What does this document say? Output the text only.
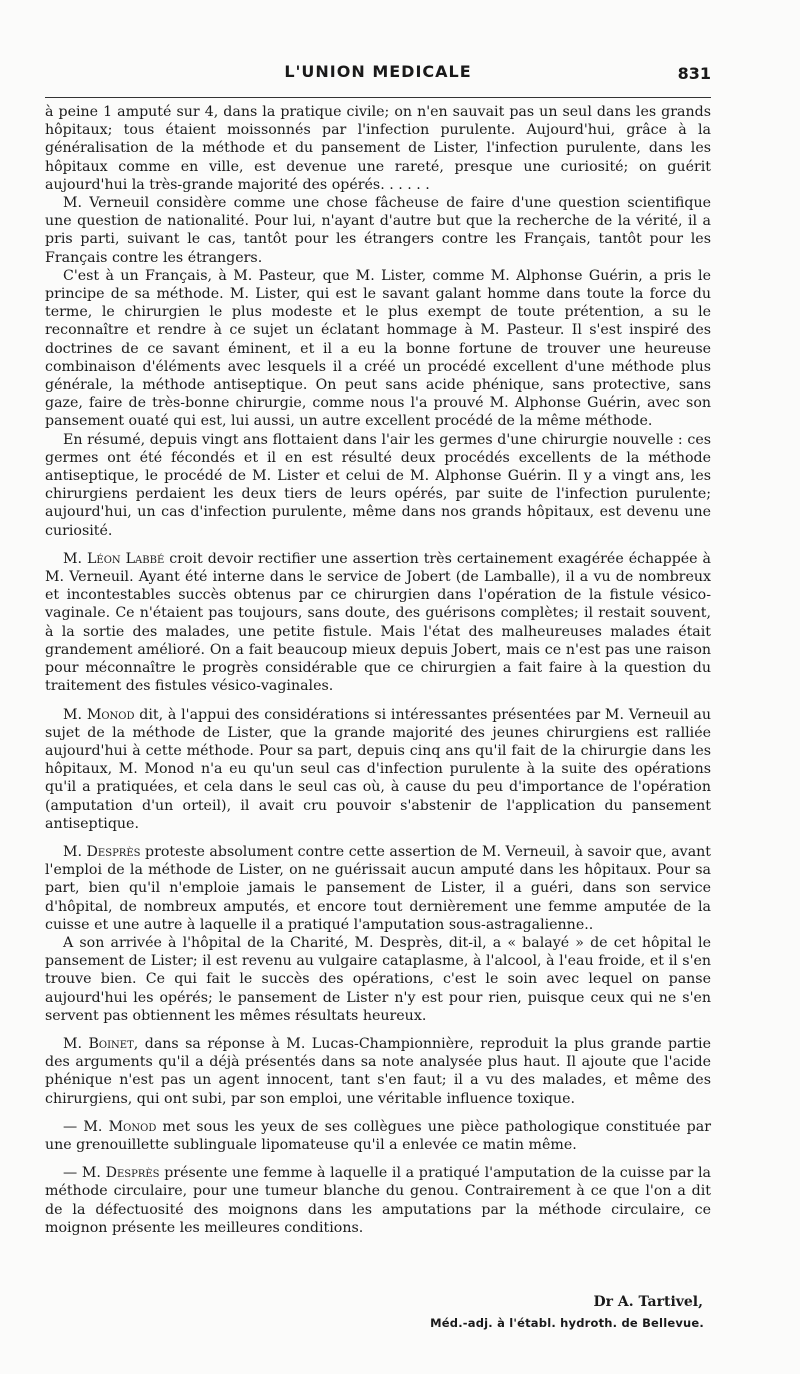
L'UNION MEDICALE	831

à peine 1 amputé sur 4, dans la pratique civile; on n'en sauvait pas un seul dans les grands hôpitaux; tous étaient moissonnés par l'infection purulente. Aujourd'hui, grâce à la généralisation de la méthode et du pansement de Lister, l'infection purulente, dans les hôpitaux comme en ville, est devenue une rareté, presque une curiosité; on guérit aujourd'hui la très-grande majorité des opérés. . . . . .

M. Verneuil considère comme une chose fâcheuse de faire d'une question scientifique une question de nationalité. Pour lui, n'ayant d'autre but que la recherche de la vérité, il a pris parti, suivant le cas, tantôt pour les étrangers contre les Français, tantôt pour les Français contre les étrangers.

C'est à un Français, à M. Pasteur, que M. Lister, comme M. Alphonse Guérin, a pris le principe de sa méthode. M. Lister, qui est le savant galant homme dans toute la force du terme, le chirurgien le plus modeste et le plus exempt de toute prétention, a su le reconnaître et rendre à ce sujet un éclatant hommage à M. Pasteur. Il s'est inspiré des doctrines de ce savant éminent, et il a eu la bonne fortune de trouver une heureuse combinaison d'éléments avec lesquels il a créé un procédé excellent d'une méthode plus générale, la méthode antiseptique. On peut sans acide phénique, sans protective, sans gaze, faire de très-bonne chirurgie, comme nous l'a prouvé M. Alphonse Guérin, avec son pansement ouaté qui est, lui aussi, un autre excellent procédé de la même méthode.

En résumé, depuis vingt ans flottaient dans l'air les germes d'une chirurgie nouvelle : ces germes ont été fécondés et il en est résulté deux procédés excellents de la méthode antiseptique, le procédé de M. Lister et celui de M. Alphonse Guérin. Il y a vingt ans, les chirurgiens perdaient les deux tiers de leurs opérés, par suite de l'infection purulente; aujourd'hui, un cas d'infection purulente, même dans nos grands hôpitaux, est devenu une curiosité.

M. Léon Labbé croit devoir rectifier une assertion très certainement exagérée échappée à M. Verneuil. Ayant été interne dans le service de Jobert (de Lamballe), il a vu de nombreux et incontestables succès obtenus par ce chirurgien dans l'opération de la fistule vésico-vaginale. Ce n'étaient pas toujours, sans doute, des guérisons complètes; il restait souvent, à la sortie des malades, une petite fistule. Mais l'état des malheureuses malades était grandement amélioré. On a fait beaucoup mieux depuis Jobert, mais ce n'est pas une raison pour méconnaître le progrès considérable que ce chirurgien a fait faire à la question du traitement des fistules vésico-vaginales.

M. Monod dit, à l'appui des considérations si intéressantes présentées par M. Verneuil au sujet de la méthode de Lister, que la grande majorité des jeunes chirurgiens est ralliée aujourd'hui à cette méthode. Pour sa part, depuis cinq ans qu'il fait de la chirurgie dans les hôpitaux, M. Monod n'a eu qu'un seul cas d'infection purulente à la suite des opérations qu'il a pratiquées, et cela dans le seul cas où, à cause du peu d'importance de l'opération (amputation d'un orteil), il avait cru pouvoir s'abstenir de l'application du pansement antiseptique.

M. Desprès proteste absolument contre cette assertion de M. Verneuil, à savoir que, avant l'emploi de la méthode de Lister, on ne guérissait aucun amputé dans les hôpitaux. Pour sa part, bien qu'il n'emploie jamais le pansement de Lister, il a guéri, dans son service d'hôpital, de nombreux amputés, et encore tout dernièrement une femme amputée de la cuisse et une autre à laquelle il a pratiqué l'amputation sous-astragalienne..

A son arrivée à l'hôpital de la Charité, M. Desprès, dit-il, a « balayé » de cet hôpital le pansement de Lister; il est revenu au vulgaire cataplasme, à l'alcool, à l'eau froide, et il s'en trouve bien. Ce qui fait le succès des opérations, c'est le soin avec lequel on panse aujourd'hui les opérés; le pansement de Lister n'y est pour rien, puisque ceux qui ne s'en servent pas obtiennent les mêmes résultats heureux.

M. Boinet, dans sa réponse à M. Lucas-Championnière, reproduit la plus grande partie des arguments qu'il a déjà présentés dans sa note analysée plus haut. Il ajoute que l'acide phénique n'est pas un agent innocent, tant s'en faut; il a vu des malades, et même des chirurgiens, qui ont subi, par son emploi, une véritable influence toxique.

— M. Monod met sous les yeux de ses collègues une pièce pathologique constituée par une grenouillette sublinguale lipomateuse qu'il a enlevée ce matin même.

— M. Desprès présente une femme à laquelle il a pratiqué l'amputation de la cuisse par la méthode circulaire, pour une tumeur blanche du genou. Contrairement à ce que l'on a dit de la défectuosité des moignons dans les amputations par la méthode circulaire, ce moignon présente les meilleures conditions.

Dr A. Tartivel,
Méd.-adj. à l'établ. hydroth. de Bellevue.
